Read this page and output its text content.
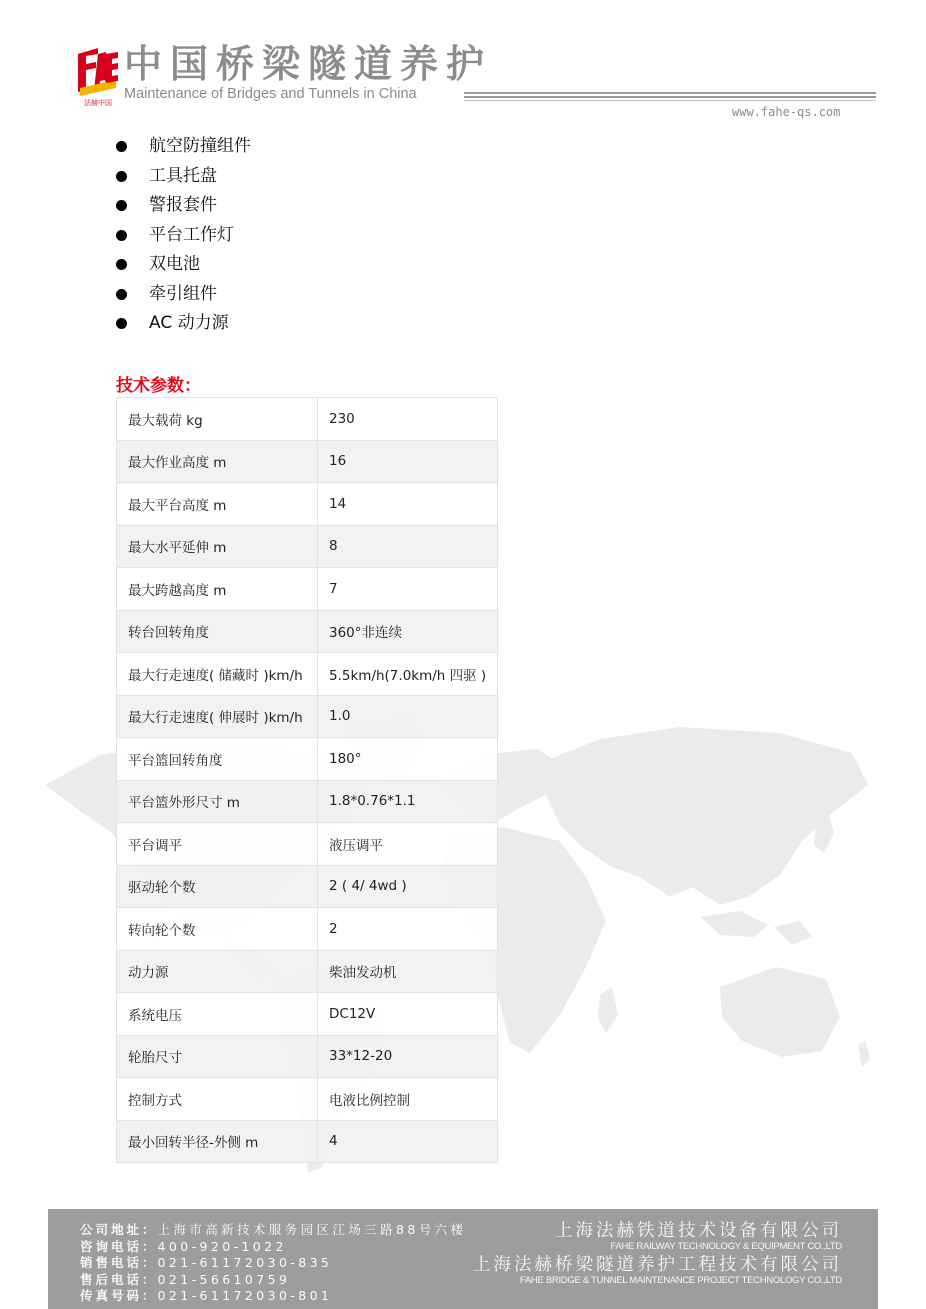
法赫中国
中国桥梁隧道养护
Maintenance of Bridges and Tunnels in China
www.fahe-qs.com
航空防撞组件
工具托盘
警报套件
平台工作灯
双电池
牵引组件
AC 动力源
技术参数：
最大载荷 kg	230
最大作业高度 m	16
最大平台高度 m	14
最大水平延伸 m	8
最大跨越高度 m	7
转台回转角度	360°非连续
最大行走速度( 储藏时 )km/h	5.5km/h(7.0km/h 四驱 )
最大行走速度( 伸展时 )km/h	1.0
平台篮回转角度	180°
平台篮外形尺寸 m	1.8*0.76*1.1
平台调平	液压调平
驱动轮个数	2 ( 4/ 4wd )
转向轮个数	2
动力源	柴油发动机
系统电压	DC12V
轮胎尺寸	33*12-20
控制方式	电液比例控制
最小回转半径-外侧 m	4
公司地址：上海市高新技术服务园区江场三路88号六楼
咨询电话：400-920-1022
销售电话：021-61172030-835
售后电话：021-56610759
传真号码：021-61172030-801
上海法赫铁道技术设备有限公司
FAHE RAILWAY TECHNOLOGY & EQUIPMENT CO.,LTD
上海法赫桥梁隧道养护工程技术有限公司
FAHE BRIDGE & TUNNEL MAINTENANCE PROJECT TECHNOLOGY CO.,LTD
